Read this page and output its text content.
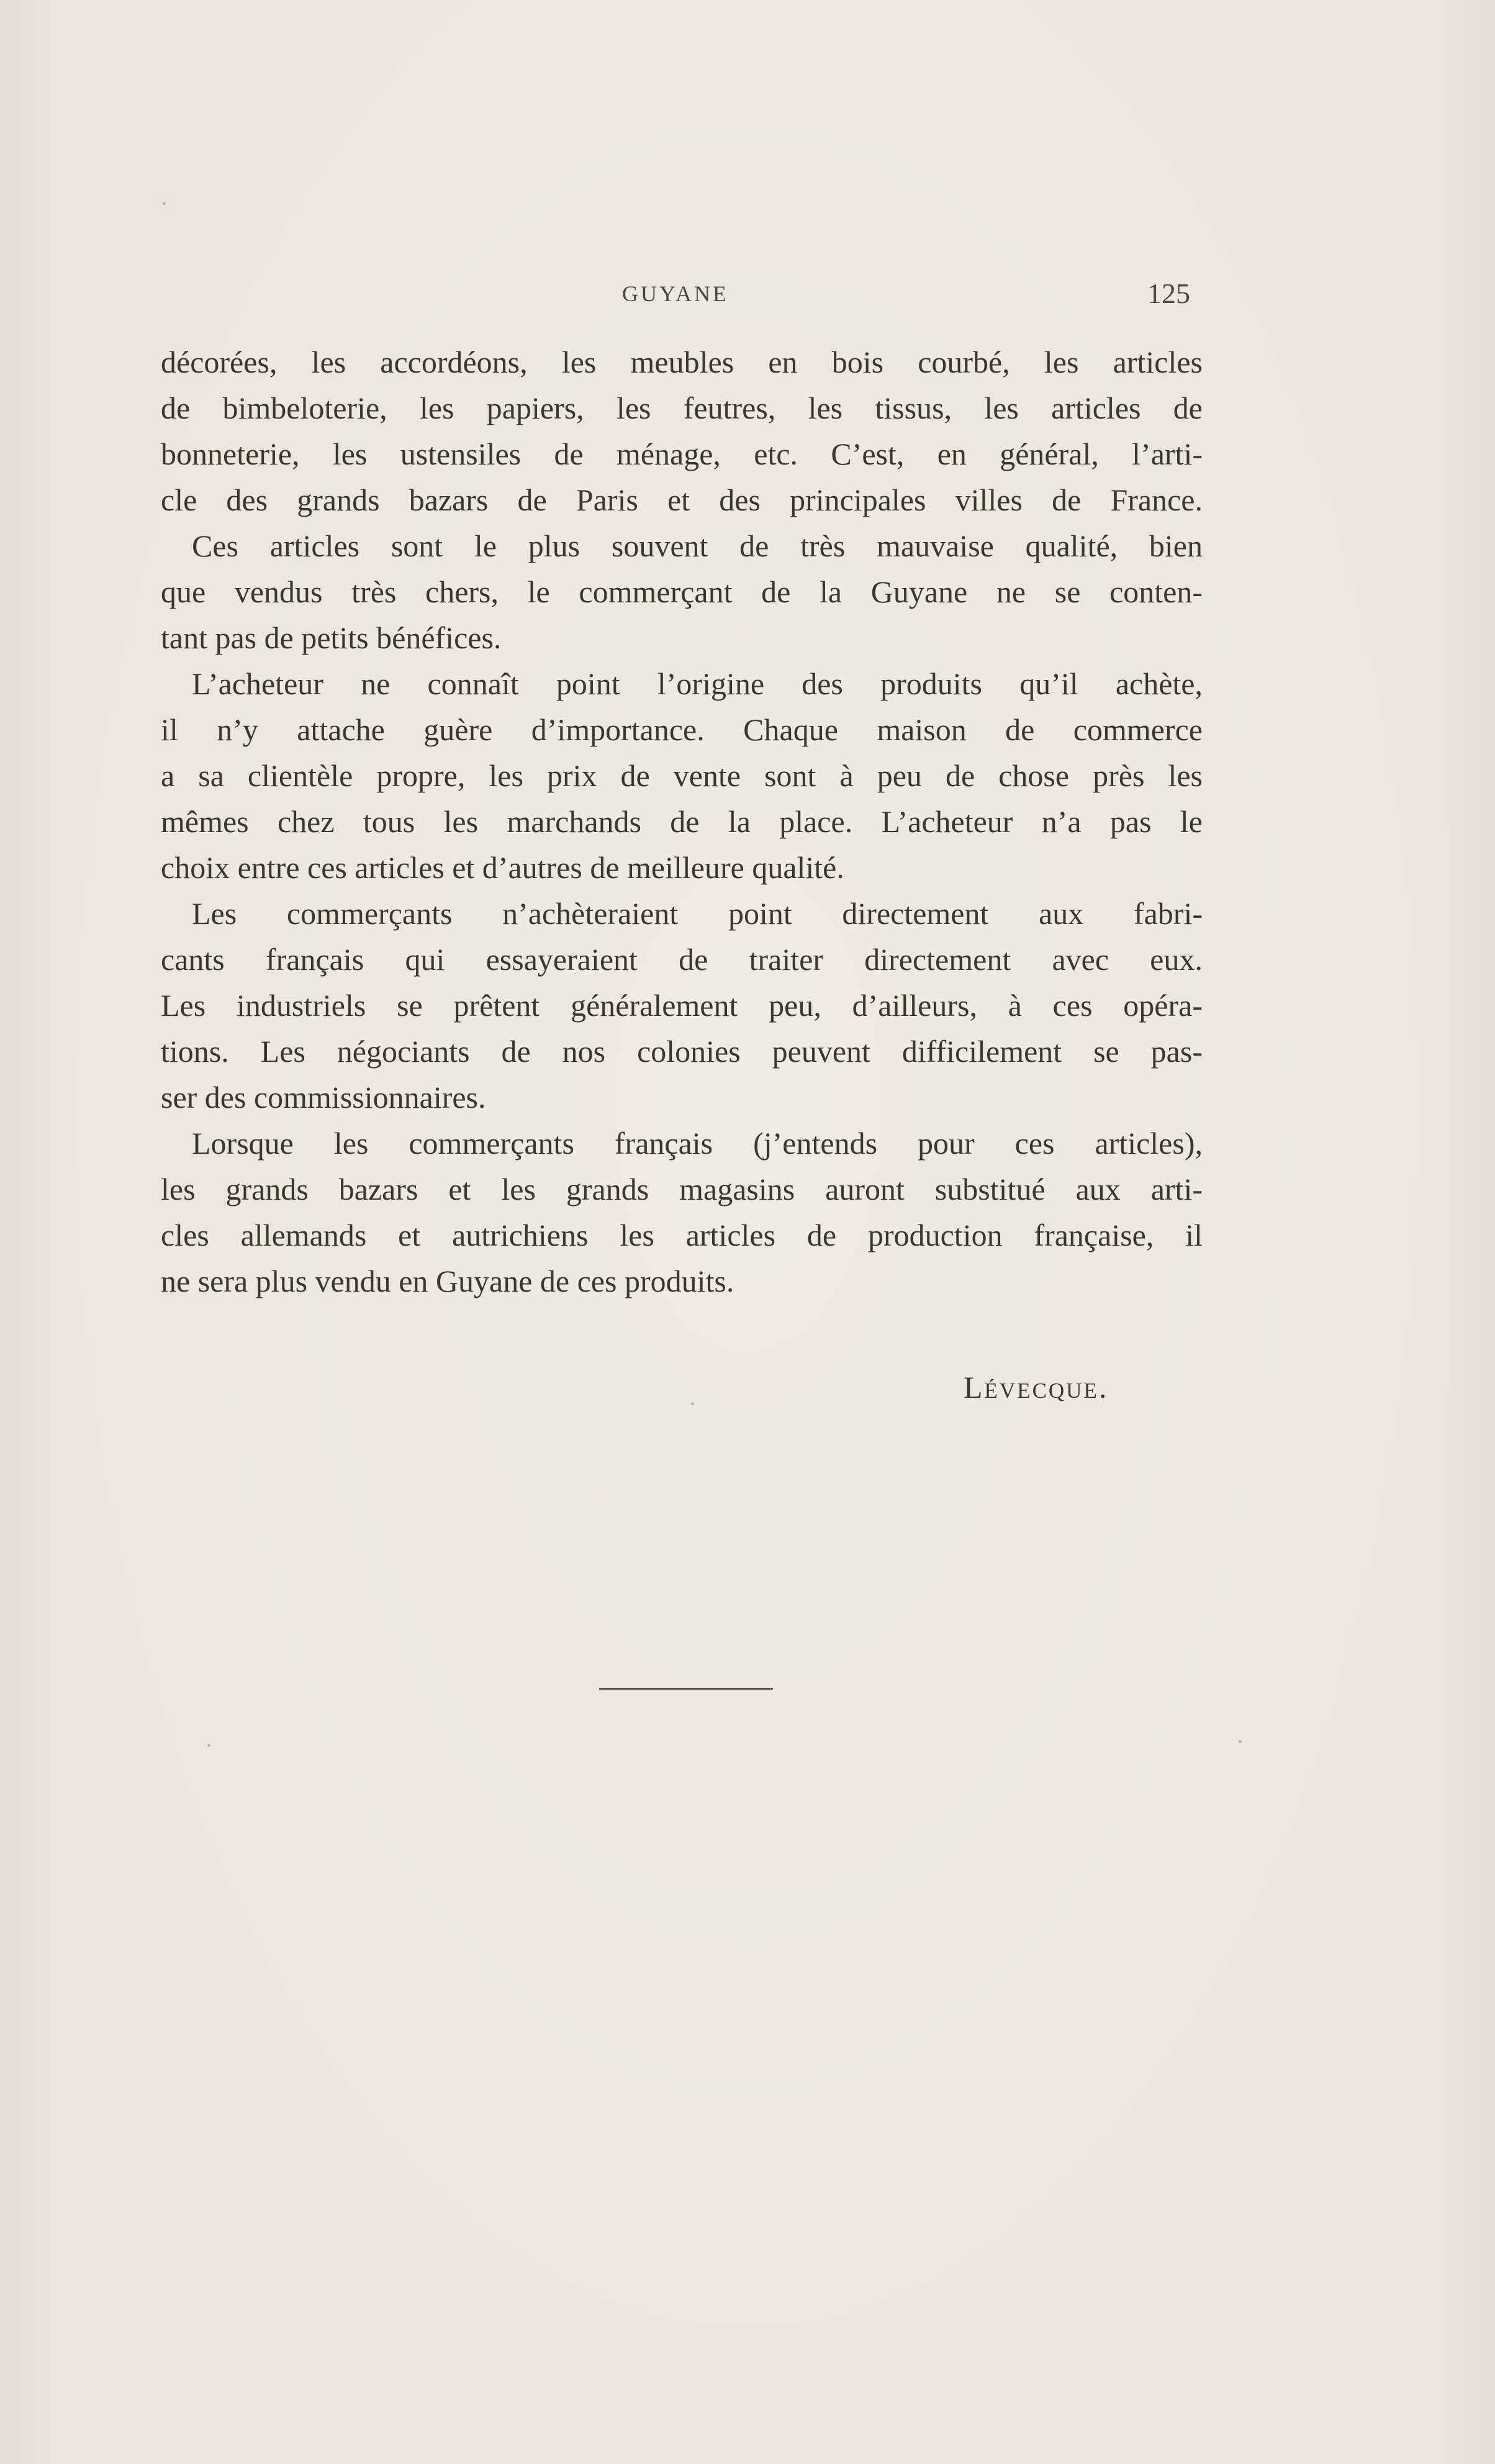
GUYANE	125
décorées, les accordéons, les meubles en bois courbé, les articles
de bimbeloterie, les papiers, les feutres, les tissus, les articles de
bonneterie, les ustensiles de ménage, etc. C’est, en général, l’arti-
cle des grands bazars de Paris et des principales villes de France.
Ces articles sont le plus souvent de très mauvaise qualité, bien
que vendus très chers, le commerçant de la Guyane ne se conten-
tant pas de petits bénéfices.
L’acheteur ne connaît point l’origine des produits qu’il achète,
il n’y attache guère d’importance. Chaque maison de commerce
a sa clientèle propre, les prix de vente sont à peu de chose près les
mêmes chez tous les marchands de la place. L’acheteur n’a pas le
choix entre ces articles et d’autres de meilleure qualité.
Les commerçants n’achèteraient point directement aux fabri-
cants français qui essayeraient de traiter directement avec eux.
Les industriels se prêtent généralement peu, d’ailleurs, à ces opéra-
tions. Les négociants de nos colonies peuvent difficilement se pas-
ser des commissionnaires.
Lorsque les commerçants français (j’entends pour ces articles),
les grands bazars et les grands magasins auront substitué aux arti-
cles allemands et autrichiens les articles de production française, il
ne sera plus vendu en Guyane de ces produits.
Lévecque.
